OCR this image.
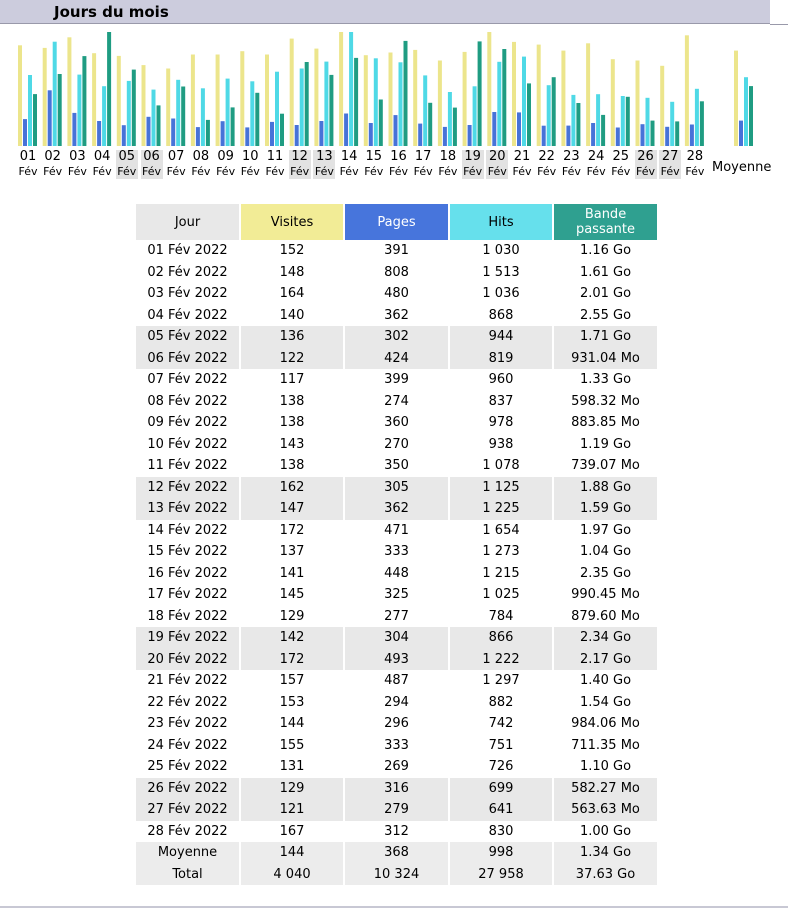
Jours du mois
01
Fév
02
Fév
03
Fév
04
Fév
05
Fév
06
Fév
07
Fév
08
Fév
09
Fév
10
Fév
11
Fév
12
Fév
13
Fév
14
Fév
15
Fév
16
Fév
17
Fév
18
Fév
19
Fév
20
Fév
21
Fév
22
Fév
23
Fév
24
Fév
25
Fév
26
Fév
27
Fév
28
Fév Moyenne
Jour	Visites	Pages	Hits	Bande passante
01 Fév 2022	152	391	1 030	1.16 Go
02 Fév 2022	148	808	1 513	1.61 Go
03 Fév 2022	164	480	1 036	2.01 Go
04 Fév 2022	140	362	868	2.55 Go
05 Fév 2022	136	302	944	1.71 Go
06 Fév 2022	122	424	819	931.04 Mo
07 Fév 2022	117	399	960	1.33 Go
08 Fév 2022	138	274	837	598.32 Mo
09 Fév 2022	138	360	978	883.85 Mo
10 Fév 2022	143	270	938	1.19 Go
11 Fév 2022	138	350	1 078	739.07 Mo
12 Fév 2022	162	305	1 125	1.88 Go
13 Fév 2022	147	362	1 225	1.59 Go
14 Fév 2022	172	471	1 654	1.97 Go
15 Fév 2022	137	333	1 273	1.04 Go
16 Fév 2022	141	448	1 215	2.35 Go
17 Fév 2022	145	325	1 025	990.45 Mo
18 Fév 2022	129	277	784	879.60 Mo
19 Fév 2022	142	304	866	2.34 Go
20 Fév 2022	172	493	1 222	2.17 Go
21 Fév 2022	157	487	1 297	1.40 Go
22 Fév 2022	153	294	882	1.54 Go
23 Fév 2022	144	296	742	984.06 Mo
24 Fév 2022	155	333	751	711.35 Mo
25 Fév 2022	131	269	726	1.10 Go
26 Fév 2022	129	316	699	582.27 Mo
27 Fév 2022	121	279	641	563.63 Mo
28 Fév 2022	167	312	830	1.00 Go
Moyenne	144	368	998	1.34 Go
Total	4 040	10 324	27 958	37.63 Go
